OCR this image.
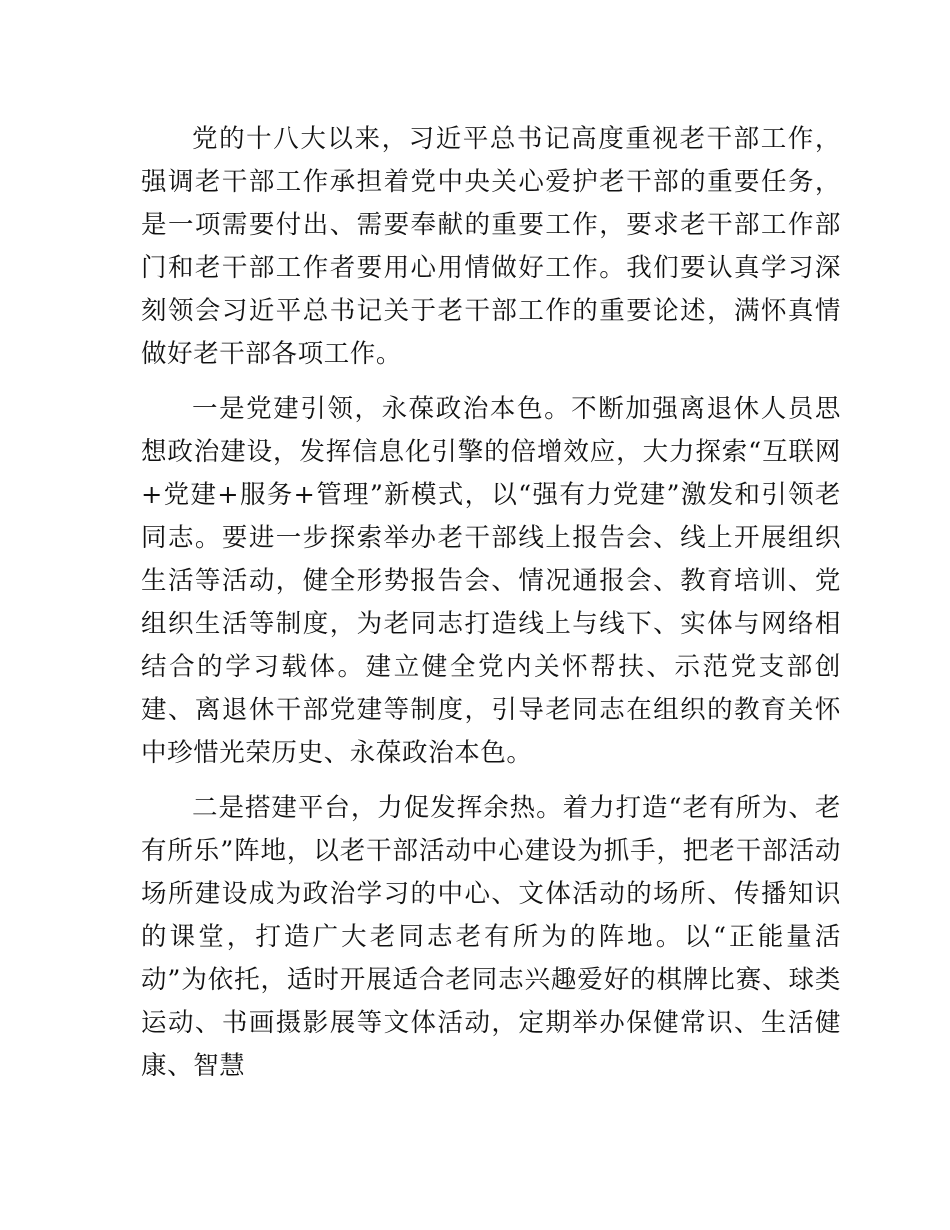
党的十八大以来，习近平总书记高度重视老干部工作，强调老干部工作承担着党中央关心爱护老干部的重要任务，是一项需要付出、需要奉献的重要工作，要求老干部工作部门和老干部工作者要用心用情做好工作。我们要认真学习深刻领会习近平总书记关于老干部工作的重要论述，满怀真情做好老干部各项工作。

一是党建引领，永葆政治本色。不断加强离退休人员思想政治建设，发挥信息化引擎的倍增效应，大力探索“互联网+党建+服务+管理”新模式，以“强有力党建”激发和引领老同志。要进一步探索举办老干部线上报告会、线上开展组织生活等活动，健全形势报告会、情况通报会、教育培训、党组织生活等制度，为老同志打造线上与线下、实体与网络相结合的学习载体。建立健全党内关怀帮扶、示范党支部创建、离退休干部党建等制度，引导老同志在组织的教育关怀中珍惜光荣历史、永葆政治本色。

二是搭建平台，力促发挥余热。着力打造“老有所为、老有所乐”阵地，以老干部活动中心建设为抓手，把老干部活动场所建设成为政治学习的中心、文体活动的场所、传播知识的课堂，打造广大老同志老有所为的阵地。以“正能量活动”为依托，适时开展适合老同志兴趣爱好的棋牌比赛、球类运动、书画摄影展等文体活动，定期举办保健常识、生活健康、智慧
